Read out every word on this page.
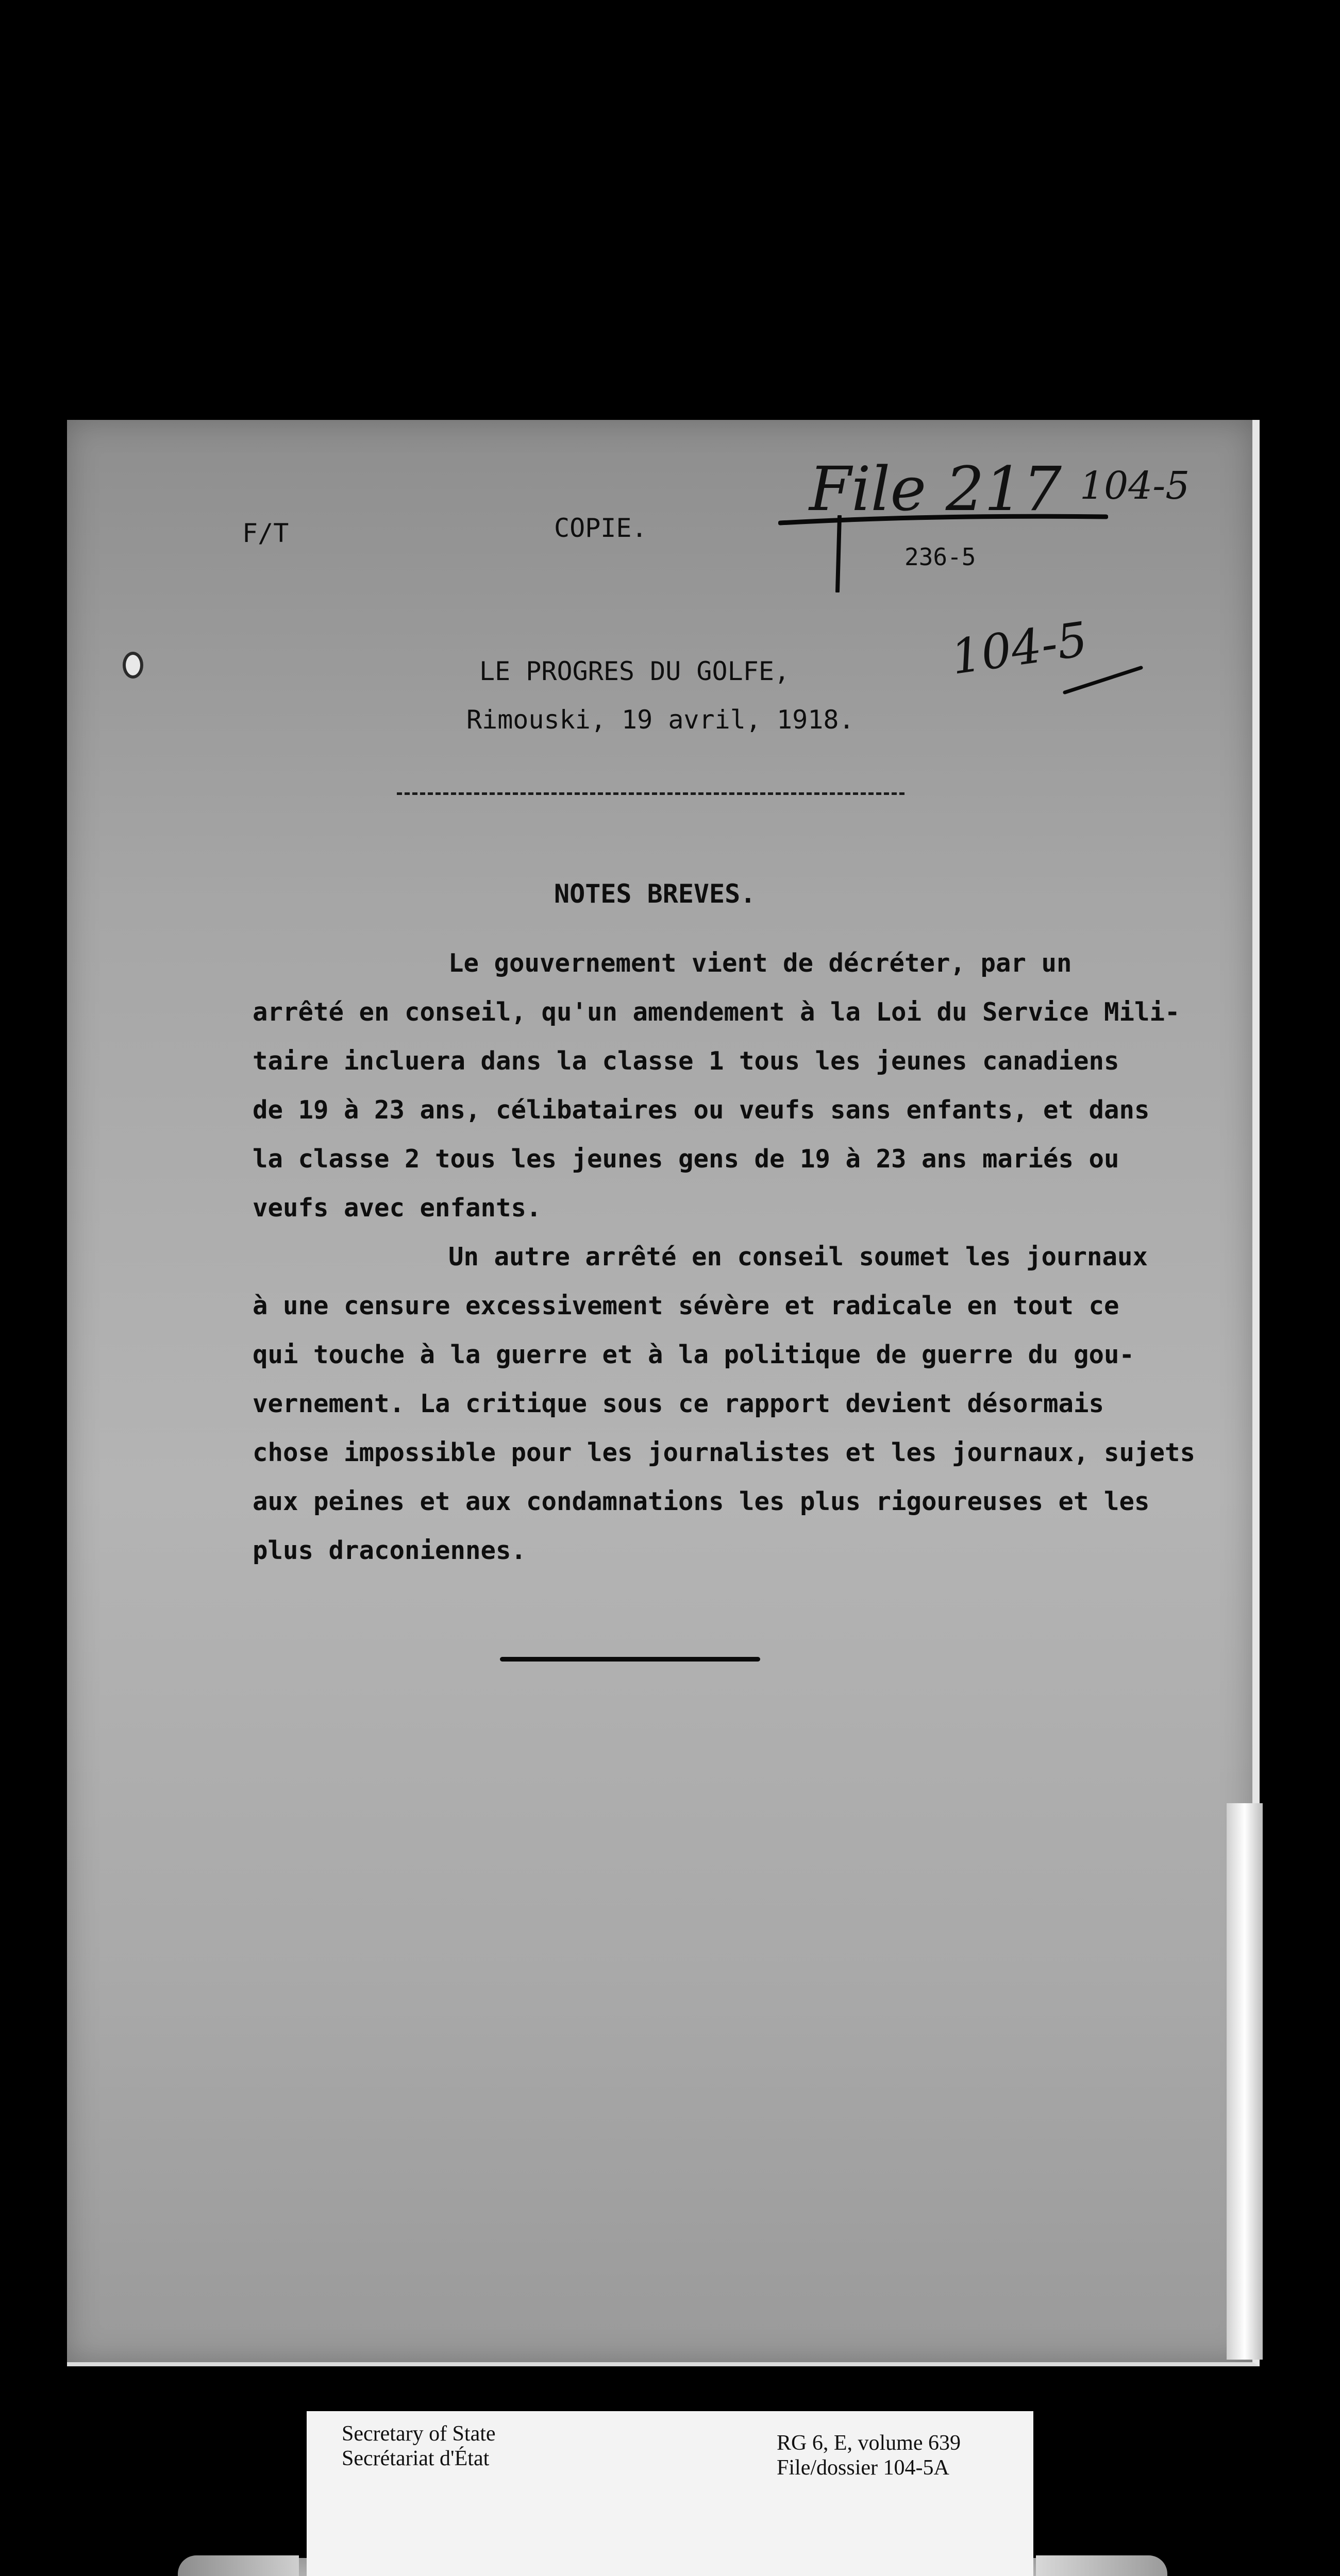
F/T	COPIE.
236-5
File 217 104-5
104-5
LE PROGRES DU GOLFE,
Rimouski, 19 avril, 1918.
NOTES BREVES.
Le gouvernement vient de décréter, par un
arrêté en conseil, qu'un amendement à la Loi du Service Mili-
taire incluera dans la classe 1 tous les jeunes canadiens
de 19 à 23 ans, célibataires ou veufs sans enfants, et dans
la classe 2 tous les jeunes gens de 19 à 23 ans mariés ou
veufs avec enfants.
Un autre arrêté en conseil soumet les journaux
à une censure excessivement sévère et radicale en tout ce
qui touche à la guerre et à la politique de guerre du gou-
vernement. La critique sous ce rapport devient désormais
chose impossible pour les journalistes et les journaux, sujets
aux peines et aux condamnations les plus rigoureuses et les
plus draconiennes.
Secretary of State
Secrétariat d'État
RG 6, E, volume 639
File/dossier 104-5A
